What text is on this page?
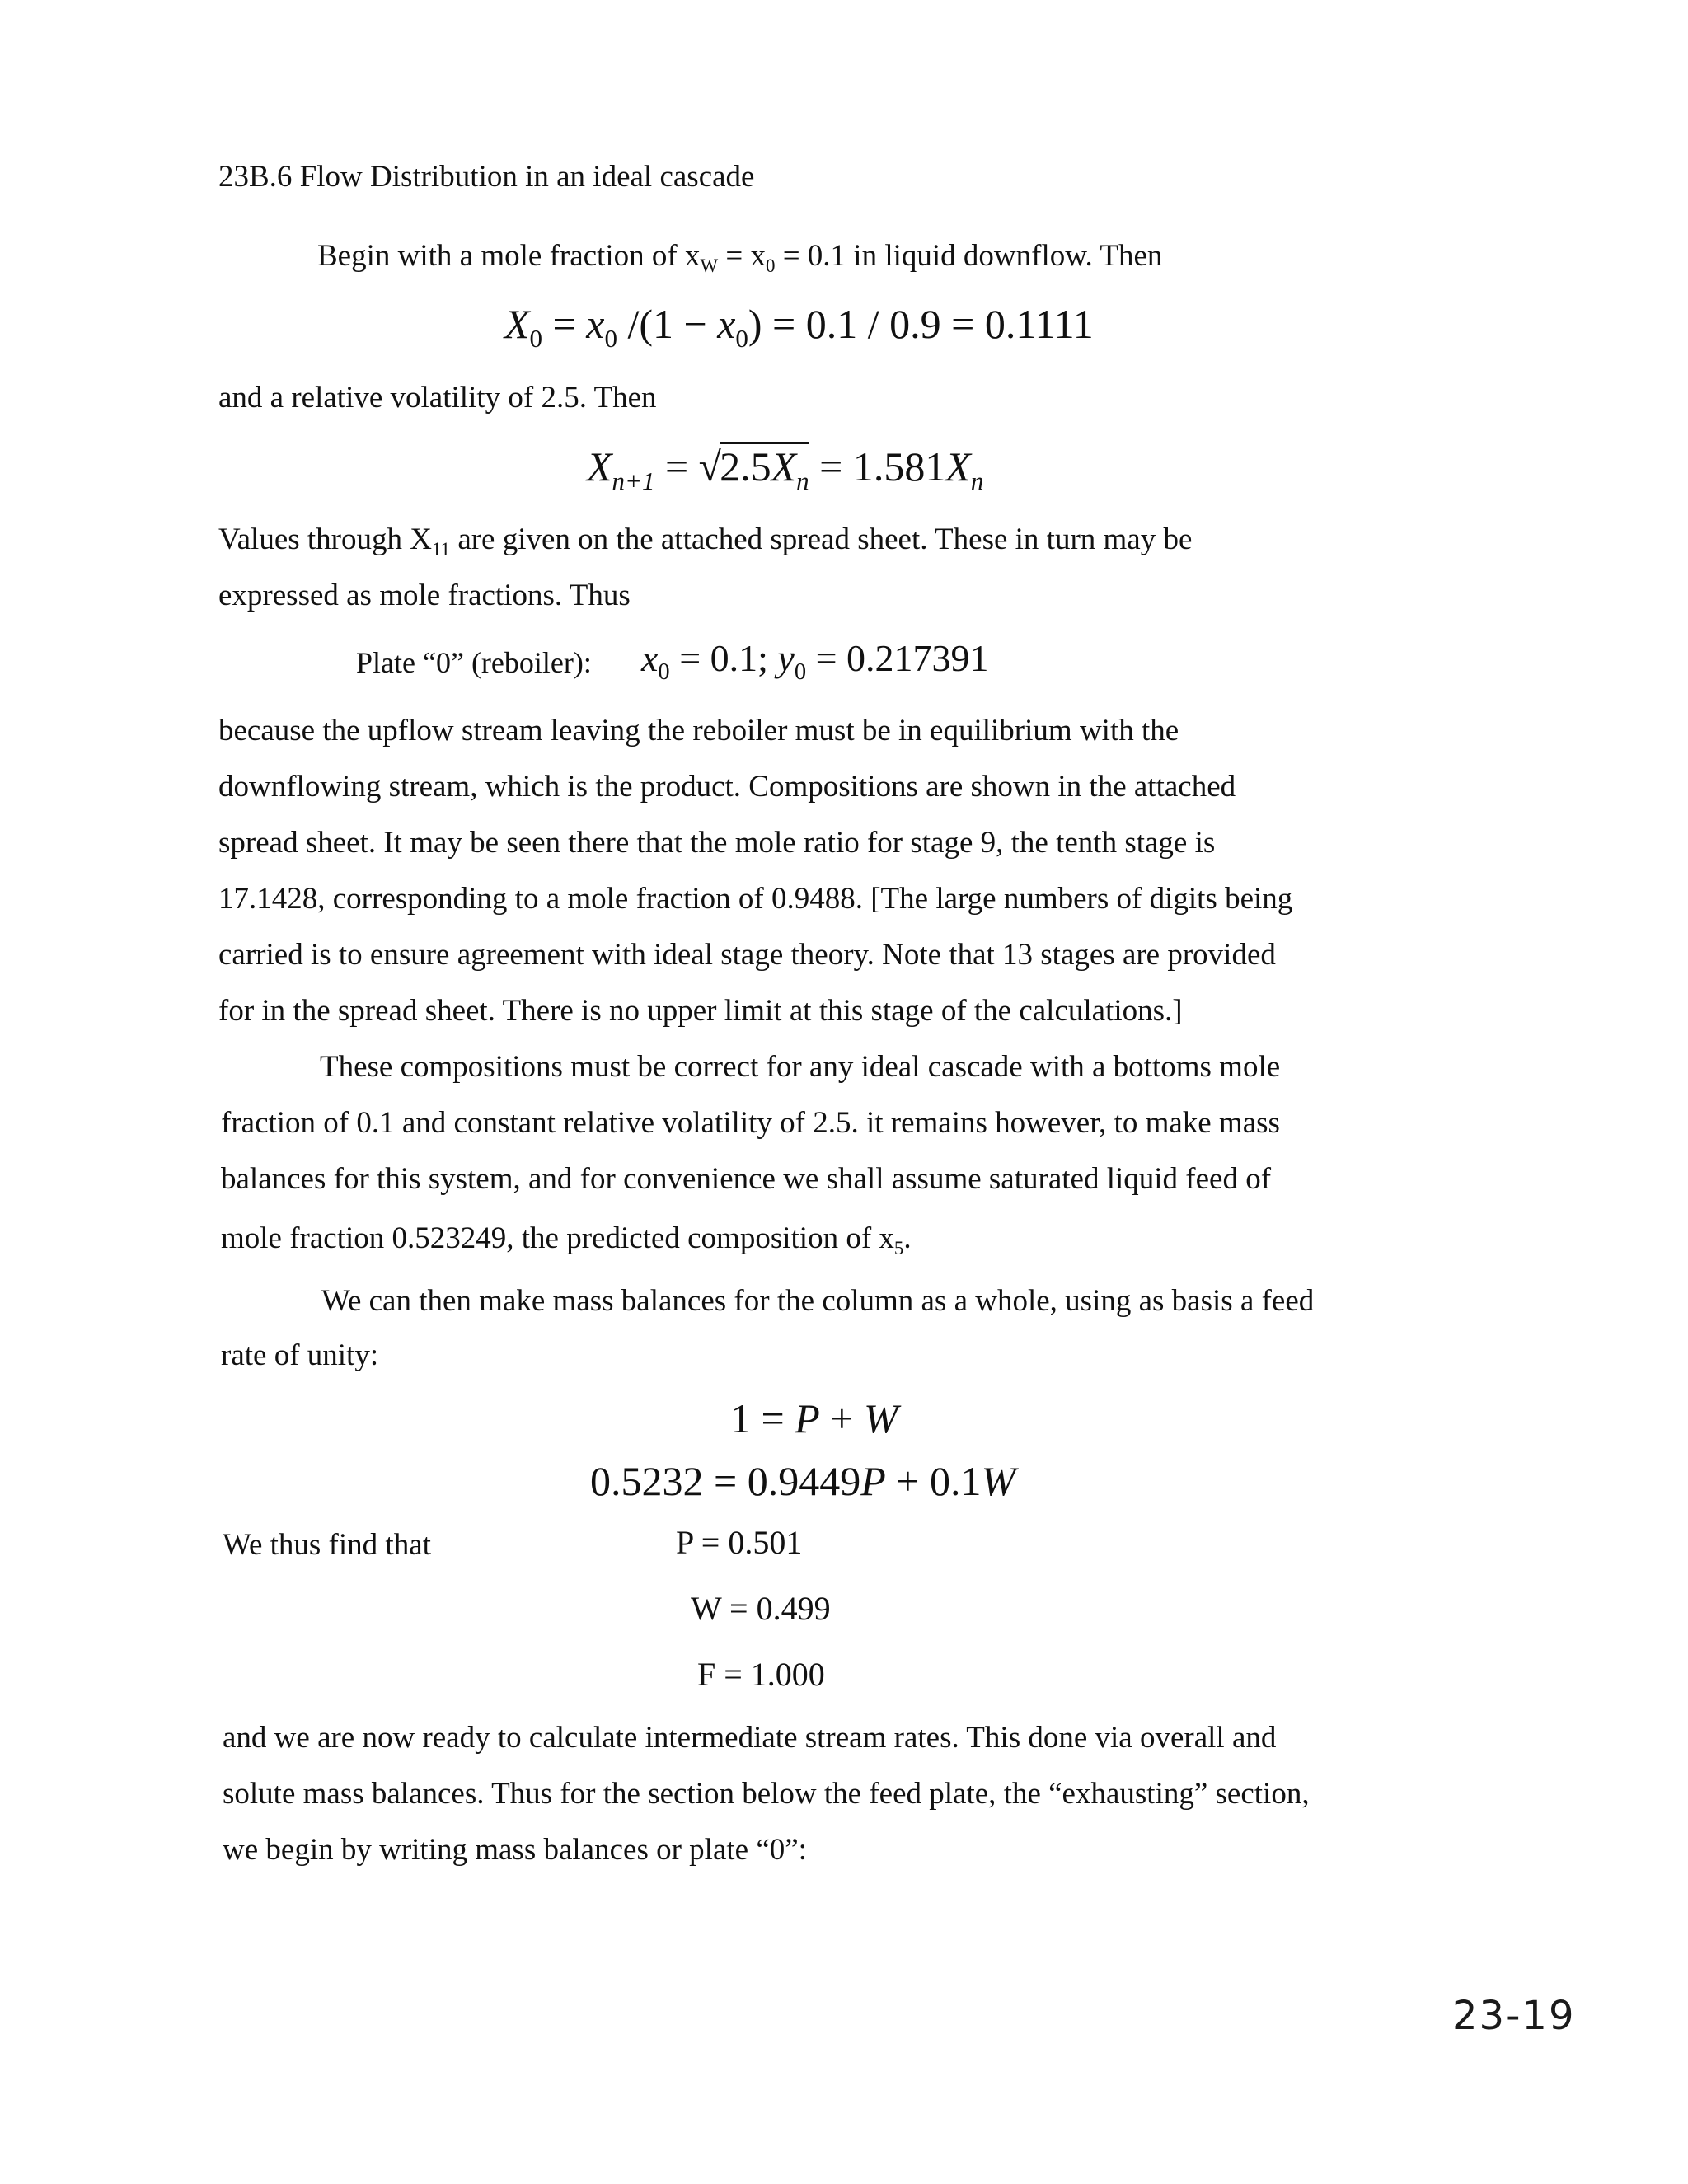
23B.6 Flow Distribution in an ideal cascade
Begin with a mole fraction of $x_W = x_0 = 0.1$ in liquid downflow. Then
$X_0 = x_0$ $/(1 - x_0) = 0.1 / 0.9 = 0.1111$
and a relative volatility of 2.5. Then
$X_{n+1} = √2.5X_n = 1.581X_n$
Values through $X_{11}$ are given on the attached spread sheet. These in turn may be
expressed as mole fractions. Thus
Plate “0” (reboiler): $x_0 = 0.1$; $y_0 = 0.217391$
because the upflow stream leaving the reboiler must be in equilibrium with the
downflowing stream, which is the product. Compositions are shown in the attached
spread sheet. It may be seen there that the mole ratio for stage 9, the tenth stage is
17.1428, corresponding to a mole fraction of 0.9488. [The large numbers of digits being
carried is to ensure agreement with ideal stage theory. Note that 13 stages are provided
for in the spread sheet. There is no upper limit at this stage of the calculations.]
These compositions must be correct for any ideal cascade with a bottoms mole
fraction of 0.1 and constant relative volatility of 2.5. it remains however, to make mass
balances for this system, and for convenience we shall assume saturated liquid feed of
mole fraction 0.523249, the predicted composition of $x_5$.
We can then make mass balances for the column as a whole, using as basis a feed
rate of unity:
1 = P + W
0.5232 = 0.9449P + 0.1W
We thus find that	P = 0.501
W = 0.499
F = 1.000
and we are now ready to calculate intermediate stream rates. This done via overall and
solute mass balances. Thus for the section below the feed plate, the “exhausting” section,
we begin by writing mass balances or plate “0”:
23-19
